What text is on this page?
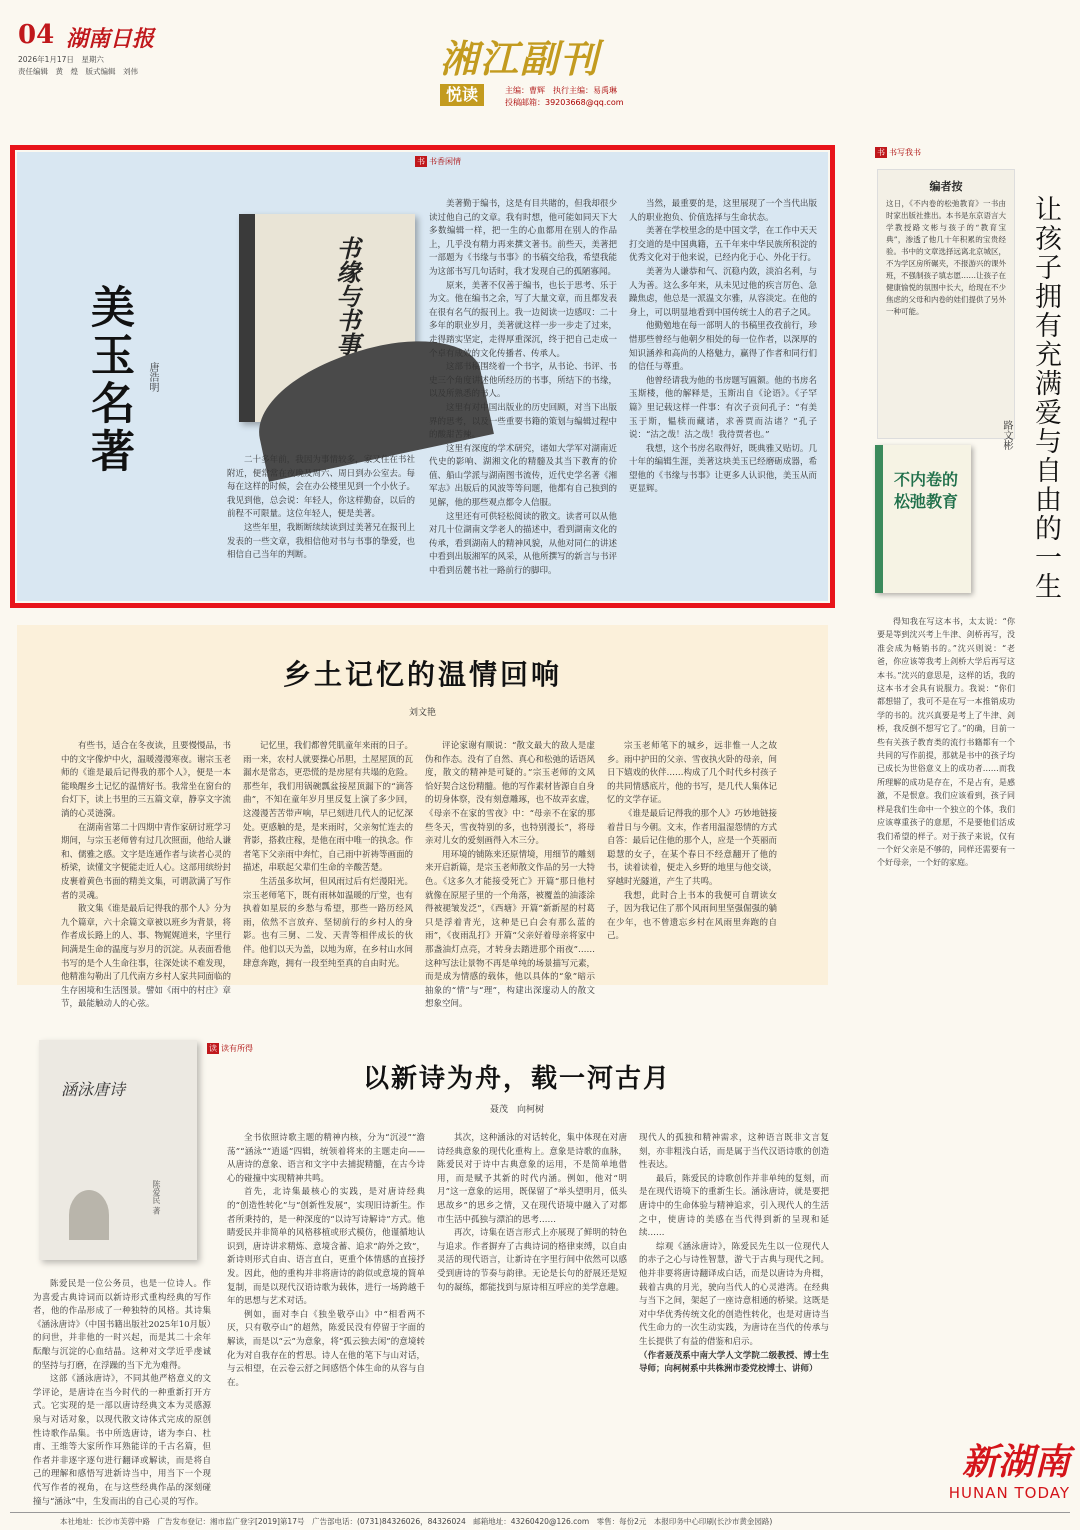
04 湖南日报
2026年1月17日　星期六
责任编辑　黄　煌　版式编辑　刘伟	湘江副刊
悦读	主编：曹辉　执行主编：易禹琳
投稿邮箱：39203668@qq.com
书 书香闲情
美玉名著 唐浩明
书缘与书事

二十多年前，我因为事情较多，家又住在书社附近，便常常在夜晚及周六、周日到办公室去。每每在这样的时候，会在办公楼里见到一个小伙子。我见到他，总会说：年轻人，你这样勤奋，以后的前程不可限量。这位年轻人，便是美著。

这些年里，我断断续续读到过美著兄在报刊上发表的一些文章，我相信他对书与书事的挚爱，也相信自己当年的判断。

美著勤于编书，这是有目共睹的，但我却很少读过他自己的文章。我有时想，他可能如同天下大多数编辑一样，把一生的心血都用在别人的作品上，几乎没有精力再来撰文著书。前些天，美著把一部题为《书缘与书事》的书稿交给我，希望我能为这部书写几句话时，我才发现自己的孤陋寡闻。

原来，美著不仅善于编书，也长于思考、乐于为文。他在编书之余，写了大量文章，而且都发表在很有名气的报刊上。我一边阅读一边感叹：二十多年的职业岁月，美著就这样一步一步走了过来，走得踏实坚定，走得厚重深沉，终于把自己走成一个卓有成效的文化传播者、传承人。

这部书稿围绕着一个书字，从书论、书评、书史三个角度讲述他所经历的书事，所结下的书缘，以及所熟悉的书人。

这里有对中国出版业的历史回顾，对当下出版界的思考，以及一些重要书籍的策划与编辑过程中的酸甜苦辣。

这里有深度的学术研究，诸如大学军对湖南近代史的影响、湖湘文化的精髓及其当下教育的价值、船山学派与湖南图书流传，近代史学名著《湘军志》出版后的风波等等问题，他都有自己独到的见解，他的那些观点都令人信服。

这里还有可供轻松阅读的散文。读者可以从他对几十位湖南文学老人的描述中，看到湖南文化的传承，看到湖南人的精神风貌，从他对同仁的讲述中看到出版湘军的风采，从他所撰写的新言与书评中看到岳麓书社一路前行的脚印。

当然，最重要的是，这里展现了一个当代出版人的职业抱负、价值选择与生命状态。

美著在学校里念的是中国文学，在工作中天天打交道的是中国典籍，五千年来中华民族所积淀的优秀文化对于他来说，已经内化于心、外化于行。

美著为人谦恭和气、沉稳内敛，淡泊名利，与人为善。这么多年来，从未见过他的疾言厉色、急躁焦虑，他总是一派温文尔雅，从容淡定。在他的身上，可以明显地看到中国传统士人的君子之风。

他勤勉地在每一部明人的书稿里孜孜前行，珍惜那些曾经与他朝夕相处的每一位作者，以深厚的知识涵养和高尚的人格魅力，赢得了作者和同行们的信任与尊重。

他曾经请我为他的书房题写匾额。他的书房名玉斯楼，他的解释是，玉斯出自《论语》。《子罕篇》里记载这样一件事：有次子贡问孔子：“有美玉于斯，韫椟而藏诸，求善贾而沽诸？”孔子说：“沽之哉！沽之哉！我待贾者也。”

我想，这个书房名取得好，既典雅又贴切。几十年的编辑生涯，美著这块美玉已经磨砺成器，希望他的《书缘与书事》让更多人认识他，美玉从而更显辉。

书 书写我书
编者按
这日，《不内卷的松弛教育》一书由时家出版社推出。本书是东京语言大学教授路文彬与孩子的“教育宝典”，渗透了他几十年积累的宝贵经验。书中的文章选择远离北京城区，不为学区房所碾夹，不报游兴的课外班，不强制孩子填志愿……让孩子在健康愉悦的氛围中长大，给现在不少焦虑的父母和内卷的娃们提供了另外一种可能。	让孩子拥有充满爱与自由的一生
路文彬
不内卷的松弛教育

得知我在写这本书，太太说：“你要是等到沈兴考上牛津、剑桥再写，没准会成为畅销书的。”沈兴则说：“老爸，你应该等我考上剑桥大学后再写这本书。”沈兴的意思是，这样的话，我的这本书才会具有说服力。我说：“你们都想错了，我可不是在写一本推销成功学的书的。沈兴真要是考上了牛津、剑桥，我反倒不想写它了。”的确，目前一些有关孩子教育类的流行书籍都有一个共同的写作前提，那就是书中的孩子均已成长为世俗意义上的成功者……而我所理解的成功是存在，不是占有，是感激，不是恨意。我们应该看到，孩子同样是我们生命中一个独立的个体，我们应该尊重孩子的意愿，不是要他们活成我们希望的样子。对于孩子来说，仅有一个好父亲是不够的，同样还需要有一个好母亲，一个好的家庭。

乡土记忆的温情回响
刘文艳

有些书，适合在冬夜读，且要慢慢品，书中的文字像炉中火，温暖漫漫寒夜。谢宗玉老师的《谁是最后记得我的那个人》，便是一本能唤醒乡土记忆的温情好书。我常坐在窗台的台灯下，读上书里的三五篇文章，静享文字流淌的心灵涟漪。

在湖南省第二十四期中青作家研讨班学习期间，与宗玉老师曾有过几次照面，他给人谦和、儒雅之感。文字是连通作者与读者心灵的桥梁，读懂文字便能走近人心。这部用缤纷封皮裹着黄色书面的精美文集，可谓款满了写作者的灵魂。

散文集《谁是最后记得我的那个人》分为九个篇章，六十余篇文章被以班乡为背景，将作者成长路上的人、事、物娓娓道来，字里行间满是生命的温度与岁月的沉淀。从表面看他书写的是个人生命往事，往深处读不难发现，他精准勾勒出了几代南方乡村人家共同面临的生存困境和生活图景。譬如《雨中的村庄》章节，最能触动人的心弦。

记忆里，我们都曾凭肌童年来雨的日子。雨一来，农村人就要操心吊胆，土屋屋顶的瓦漏水是常态，更恐慌的是房屋有共塌的危险。那些年，我们用锅碗瓢盆接屋顶漏下的“滴答曲”，不知在童年岁月里反复上演了多少回，这漫漫苦苦带声响，早已刻进几代人的记忆深处。更感触的是，是来雨时，父亲匆忙连去的背影，搭救庄稼，是他在雨中唯一的执念。作者笔下父亲雨中奔忙，自己雨中祈祷等画面的描述，串联起父辈们生命的辛酸苦楚。

生活虽多坎坷，但风雨过后有烂漫阳光。宗玉老师笔下，既有雨林如温暖的厅堂，也有执着如星辰的乡愁与希望，那些一路历经风雨，依然不言放弃、坚韧前行的乡村人的身影。也有三舅、二发、天青等相伴成长的伙伴。他们以天为盖，以地为席，在乡村山水间肆意奔跑，拥有一段至纯至真的自由时光。

评论家谢有顺说：“散文最大的敌人是虚伪和作态。没有了自然、真心和松弛的话语风度，散文的精神是可疑的。”宗玉老师的文风恰好契合这份精髓。他的写作素材皆源自自身的切身体察，没有刻意雕琢，也不故弄玄虚，《母亲不在家的雪夜》中：“母亲不在家的那些冬天，雪夜特别的多，也特别漫长”，将母亲对儿女的爱刻画得入木三分。

用环境的铺陈来还原情境，用细节的雕刻来开启新篇，是宗玉老师散文作品的另一大特色。《这多久才能接受死亡》开篇“那日他村就像在原屋子里的一个角落，被覆盖的油漆涂得被褪皱发泛”，《西塘》开篇“新新屋的村葛只是浮着青光，这种是已白会有那么蓝的雨”，《夜雨乱打》开篇“父亲好着母亲将家中那盏油灯点亮，才转身去踏进那个雨夜”……这种写法让景物不再是单纯的场景描写元素，而是成为情感的载体，他以具体的“象”暗示抽象的“情”与“理”，构建出深邃动人的散文想象空间。

宗玉老师笔下的城乡，远非惟一人之故乡。雨中护田的父亲、雪夜执火卧的母亲，间日下嬉戏的伙伴……构成了几个时代乡村孩子的共同情感底片，他的书写，是几代人集体记忆的文学存证。

《谁是最后记得我的那个人》巧妙地链接着昔日与今朝。文末，作者用温湿怨情的方式自答：最后记住他的那个人，应是一个英丽而聪慧的女子，在某个春日不经意翻开了他的书，读着读着，便走入乡野的地里与他交谈，穿越时光隧道，产生了共鸣。

我想，此时合上书本的我便可自谓读女子，因为我记住了那个风雨间里坚强倔强的躺在少年，也不曾遗忘乡村在风雨里奔跑的自己。

涵泳唐诗
陈爱民 著
读 读有所得
以新诗为舟，载一河古月
聂茂　向柯树

陈爱民是一位公务员，也是一位诗人。作为喜爱古典诗词而以新诗形式重构经典的写作者，他的作品形成了一种独特的风格。其诗集《涵泳唐诗》（中国书籍出版社2025年10月版）的问世，并非他的一时兴起，而是其二十余年酝酿与沉淀的心血结晶。这种对文学近乎虔诚的坚持与打磨，在浮躁的当下尤为难得。

这部《涵泳唐诗》，不同其他严格意义的文学评论，是唐诗在当今时代的一种重新打开方式。它实现的是一部以唐诗经典文本为灵感源泉与对话对象，以现代散文诗体式完成的原创性诗歌作品集。书中所选唐诗，诸为李白、杜甫、王维等大家所作耳熟能详的千古名篇，但作者并非逐字逐句进行翻译或解读，而是将自己的理解和感悟写进新诗当中，用当下一个现代写作者的视角，在与这些经典作品的深刻碰撞与“涵泳”中，生发而出的自己心灵的写作。

全书依照诗歌主题的精神内核，分为“沉浸”“澹荡”“涵泳”“逍遥”四辑，统领着将来的主题走向——从唐诗的意象、语言和文字中去捕捉精髓，在古今诗心的碰撞中实现精神共鸣。

首先，北诗集最核心的实践，是对唐诗经典的“创造性转化”与“创新性发展”，实现旧诗新生。作者所秉持的，是一种深度的“以诗写诗解诗”方式。他睛爱民并非简单的风格移植或形式模仿，他谨循地认识到，唐诗讲求精炼、意境含蓄、追求“韵外之致”，新诗则形式自由、语言直白，更重个体情感的直接抒发。因此，他的重构并非将唐诗的韵似或意境的简单复制，而是以现代汉语诗歌为载体，进行一场跨越千年的思想与艺术对话。

例如，面对李白《独坐敬亭山》中“相看两不厌，只有敬亭山”的超然，陈爱民没有停留于字面的解读，而是以“云”为意象，将“孤云独去闲”的意境转化为对自我存在的哲思。诗人在他的笔下与山对话，与云相望，在云卷云舒之间感悟个体生命的从容与自在。

其次，这种涵泳的对话转化，集中体现在对唐诗经典意象的现代化重构上。意象是诗歌的血脉，陈爱民对于诗中古典意象的运用，不是简单地借用，而是赋予其新的时代内涵。例如，他对“明月”这一意象的运用，既保留了“举头望明月，低头思故乡”的思乡之情，又在现代语境中融入了对都市生活中孤独与漂泊的思考……

再次，诗集在语言形式上亦展现了鲜明的特色与追求。作者摒弃了古典诗词的格律束缚，以自由灵活的现代语言，让新诗在字里行间中依然可以感受到唐诗的节奏与韵律。无论是长句的舒展还是短句的凝练，都能找到与原诗相互呼应的美学意趣。

现代人的孤独和精神需求，这种语言既非文言复刻，亦非粗浅白话，而是属于当代汉语诗歌的创造性表达。

最后，陈爱民的诗歌创作并非单纯的复刻，而是在现代语境下的重新生长。涵泳唐诗，就是要把唐诗中的生命体验与精神追求，引入现代人的生活之中，使唐诗的美感在当代得到新的呈现和延续……

综观《涵泳唐诗》，陈爱民先生以一位现代人的赤子之心与诗性智慧，游弋于古典与现代之间。他并非要将唐诗翻译成白话，而是以唐诗为舟楫，载着古典的月光，驶向当代人的心灵港湾。在经典与当下之间，架起了一座诗意相通的桥梁。这既是对中华优秀传统文化的创造性转化，也是对唐诗当代生命力的一次生动实践，为唐诗在当代的传承与生长提供了有益的借鉴和启示。

（作者聂茂系中南大学人文学院二级教授、博士生导师；向柯树系中共株洲市委党校博士、讲师）

新湖南
HUNAN TODAY
本社地址：长沙市芙蓉中路　广告发布登记：湘市监广登字[2019]第17号　广告部电话：(0731)84326026，84326024　邮箱地址：43260420@126.com　零售：每份2元　本报印务中心印刷(长沙市黄金园路)
